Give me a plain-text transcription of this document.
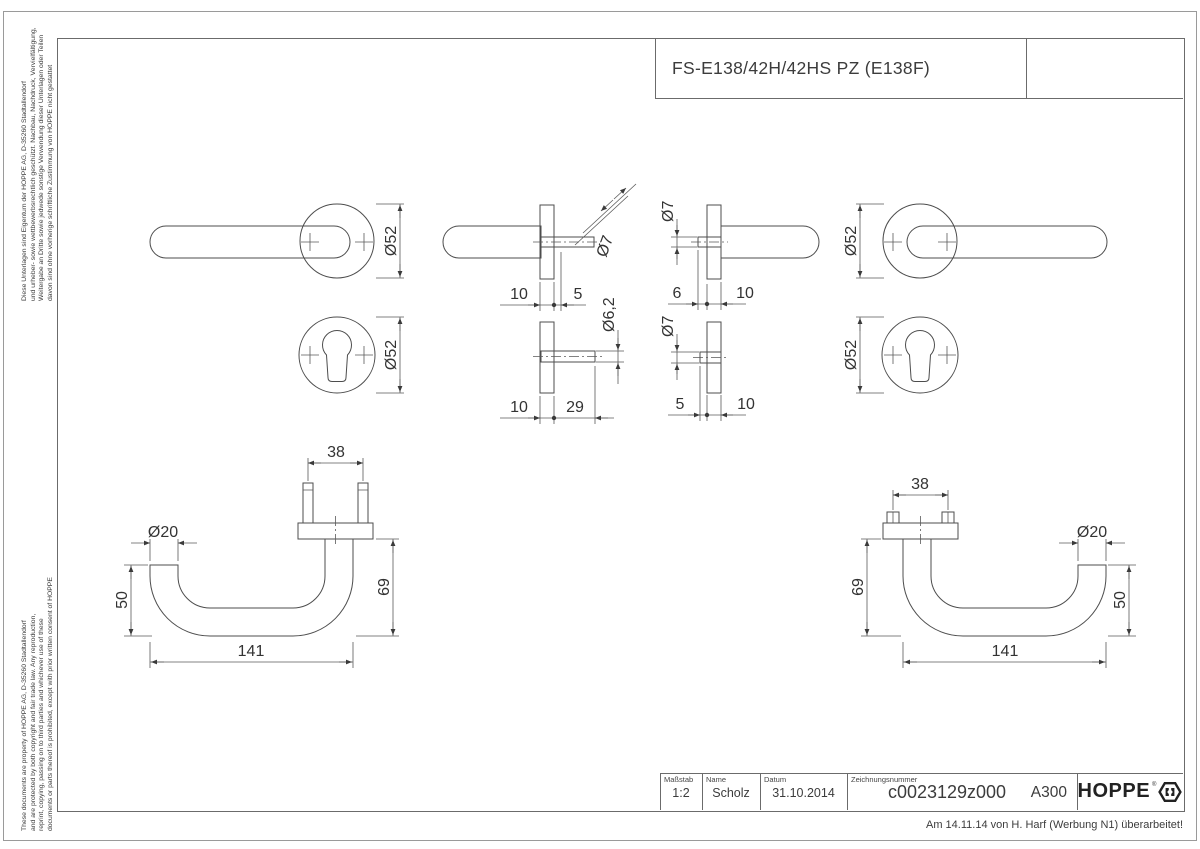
Ø52
Ø52
Ø52
Ø52
Ø7
10	5
Ø6,2
10 29
Ø7
6	10
Ø7
5	10
38
Ø20
50
69
141
38
Ø20
50
69
141
FS-E138/42H/42HS PZ (E138F)
Diese Unterlagen sind Eigentum der HOPPE AG, D-35260 Stadtallendorf und urheber- sowie wettbewerbsrechtlich geschützt. Nachbau, Nachdruck, Vervielfältigung, Weitergabe an Dritte sowie jedwede sonstige Verwendung dieser Unterlagen oder Teilen davon sind ohne vorherige schriftliche Zustimmung von HOPPE nicht gestattet
These documents are property of HOPPE AG, D-35260 Stadtallendorf and are protected by both copyright and fair trade law. Any reproduction, reprint, copying, passing on to third parties and whichever use of these documents or parts thereof is prohibited, except with prior written consent of HOPPE	Maßstab
1:2
Name
Scholz
Datum
31.10.2014
Zeichnungsnummer
c0023129z000	A300 HOPPE ®
Am 14.11.14 von H. Harf (Werbung N1) überarbeitet!
